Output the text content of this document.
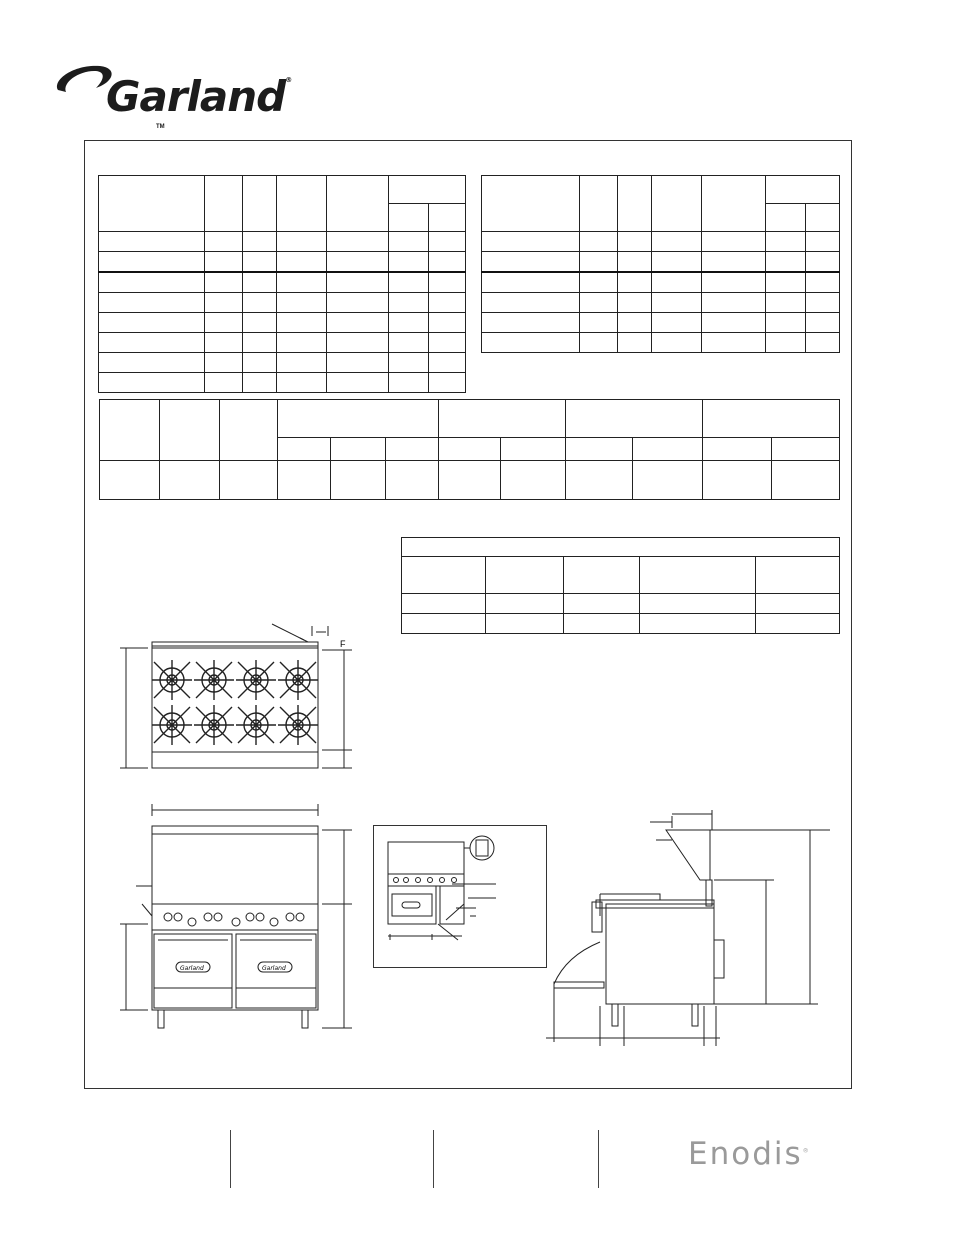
TM
Garland®

F
Garland	Garland
Enodis®
